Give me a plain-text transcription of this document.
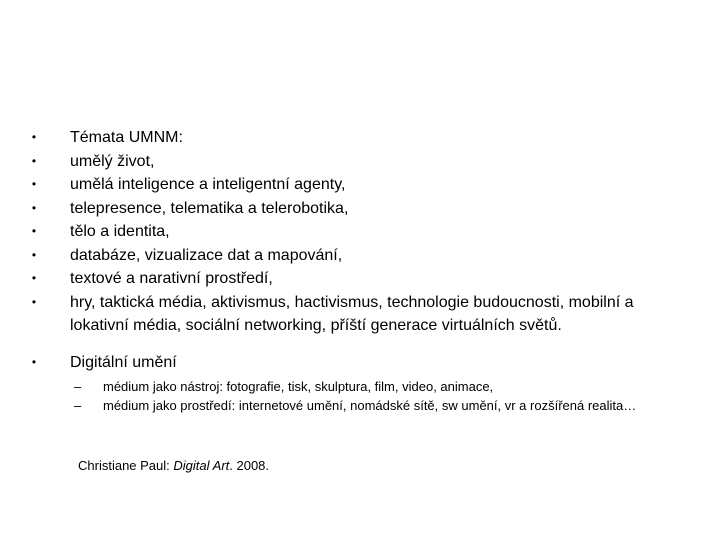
• Témata UMNM:
• umělý život,
• umělá inteligence a inteligentní agenty,
• telepresence, telematika a telerobotika,
• tělo a identita,
• databáze, vizualizace dat a mapování,
• textové a narativní prostředí,
• hry, taktická média, aktivismus, hactivismus, technologie budoucnosti, mobilní a lokativní média, sociální networking, příští generace virtuálních světů.
• Digitální umění
– médium jako nástroj: fotografie, tisk, skulptura, film, video, animace,
– médium jako prostředí: internetové umění, nomádské sítě, sw umění, vr a rozšířená realita…
Christiane Paul: Digital Art. 2008.
